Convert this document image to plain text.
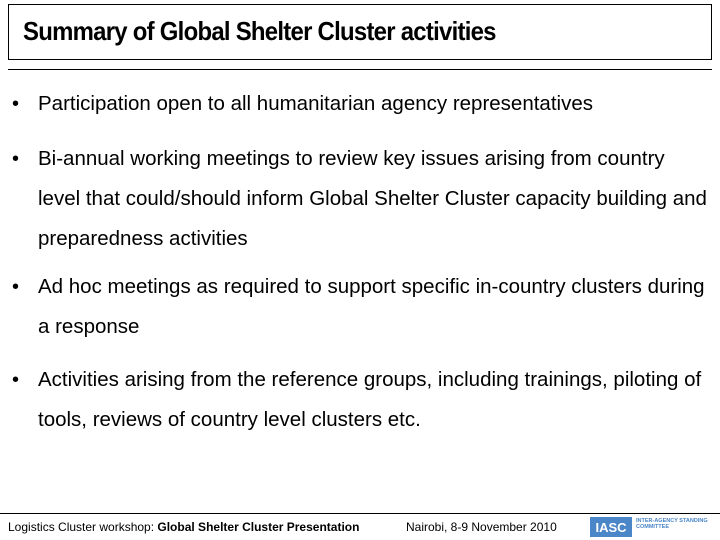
Summary of Global Shelter Cluster activities
• Participation open to all humanitarian agency representatives
• Bi-annual working meetings to review key issues arising from country level that could/should inform Global Shelter Cluster capacity building and preparedness activities
• Ad hoc meetings as required to support specific in-country clusters during a response
• Activities arising from the reference groups, including trainings, piloting of tools, reviews of country level clusters etc.
Logistics Cluster workshop: Global Shelter Cluster Presentation	Nairobi, 8-9 November 2010	IASC	INTER-AGENCY STANDING COMMITTEE
